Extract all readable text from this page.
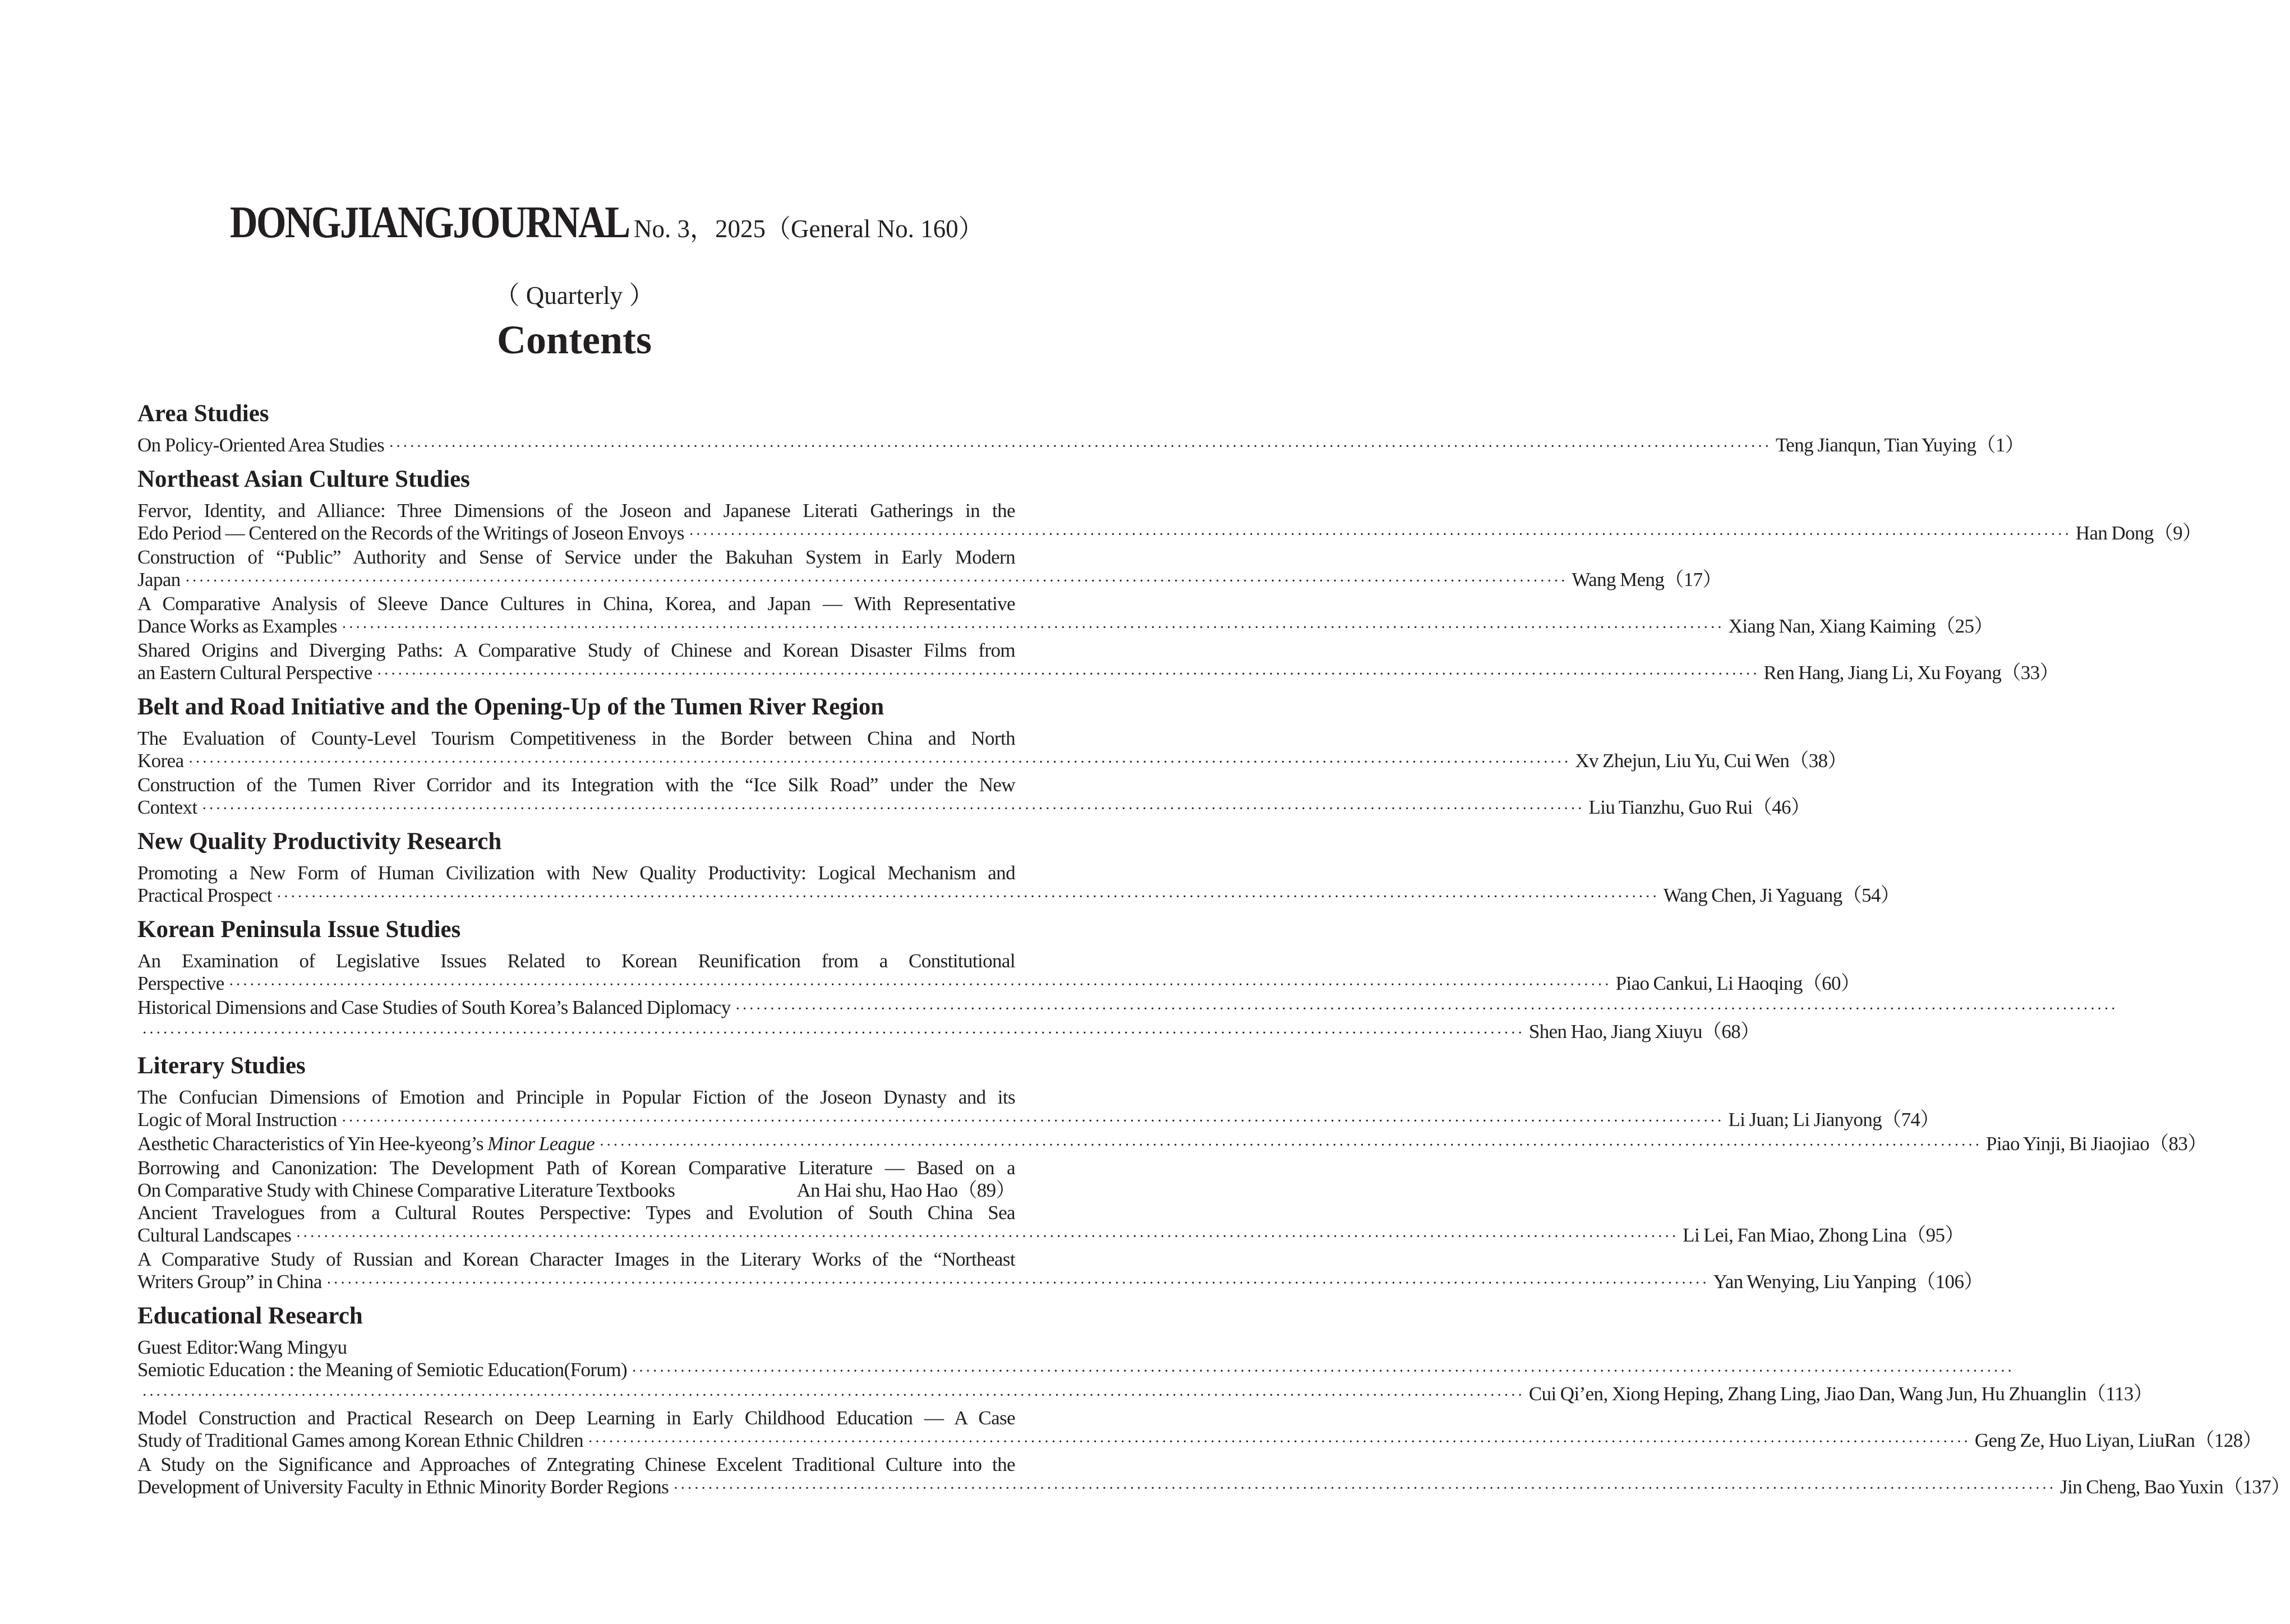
DONGJIANGJOURNAL No. 3，2025（General No. 160）
（ Quarterly ）
Contents
Area Studies
On Policy-Oriented Area Studies ········································································································································································································ Teng Jianqun, Tian Yuying（1）
Northeast Asian Culture Studies
Fervor, Identity, and Alliance: Three Dimensions of the Joseon and Japanese Literati Gatherings in the
Edo Period — Centered on the Records of the Writings of Joseon Envoys ········································································································································································································ Han Dong（9）
Construction of “Public” Authority and Sense of Service under the Bakuhan System in Early Modern
Japan ········································································································································································································ Wang Meng（17）
A Comparative Analysis of Sleeve Dance Cultures in China, Korea, and Japan — With Representative
Dance Works as Examples ········································································································································································································ Xiang Nan, Xiang Kaiming（25）
Shared Origins and Diverging Paths: A Comparative Study of Chinese and Korean Disaster Films from
an Eastern Cultural Perspective ········································································································································································································ Ren Hang, Jiang Li, Xu Foyang（33）
Belt and Road Initiative and the Opening-Up of the Tumen River Region
The Evaluation of County-Level Tourism Competitiveness in the Border between China and North
Korea ········································································································································································································ Xv Zhejun, Liu Yu, Cui Wen（38）
Construction of the Tumen River Corridor and its Integration with the “Ice Silk Road” under the New
Context ········································································································································································································ Liu Tianzhu, Guo Rui（46）
New Quality Productivity Research
Promoting a New Form of Human Civilization with New Quality Productivity: Logical Mechanism and
Practical Prospect ········································································································································································································ Wang Chen, Ji Yaguang（54）
Korean Peninsula Issue Studies
An Examination of Legislative Issues Related to Korean Reunification from a Constitutional
Perspective ········································································································································································································ Piao Cankui, Li Haoqing（60）
Historical Dimensions and Case Studies of South Korea’s Balanced Diplomacy ········································································································································································································
········································································································································································································ Shen Hao, Jiang Xiuyu（68）
Literary Studies
The Confucian Dimensions of Emotion and Principle in Popular Fiction of the Joseon Dynasty and its
Logic of Moral Instruction ········································································································································································································ Li Juan; Li Jianyong（74）
Aesthetic Characteristics of Yin Hee-kyeong’s Minor League ········································································································································································································ Piao Yinji, Bi Jiaojiao（83）
Borrowing and Canonization: The Development Path of Korean Comparative Literature — Based on a
On Comparative Study with Chinese Comparative Literature Textbooks	An Hai shu, Hao Hao（89）
Ancient Travelogues from a Cultural Routes Perspective: Types and Evolution of South China Sea
Cultural Landscapes ········································································································································································································ Li Lei, Fan Miao, Zhong Lina（95）
A Comparative Study of Russian and Korean Character Images in the Literary Works of the “Northeast
Writers Group” in China ········································································································································································································ Yan Wenying, Liu Yanping（106）
Educational Research
Guest Editor:Wang Mingyu
Semiotic Education : the Meaning of Semiotic Education(Forum) ········································································································································································································
········································································································································································································ Cui Qi’en, Xiong Heping, Zhang Ling, Jiao Dan, Wang Jun, Hu Zhuanglin（113）
Model Construction and Practical Research on Deep Learning in Early Childhood Education — A Case
Study of Traditional Games among Korean Ethnic Children ········································································································································································································ Geng Ze, Huo Liyan, LiuRan（128）
A Study on the Significance and Approaches of Zntegrating Chinese Excelent Traditional Culture into the
Development of University Faculty in Ethnic Minority Border Regions ········································································································································································································ Jin Cheng, Bao Yuxin（137）
